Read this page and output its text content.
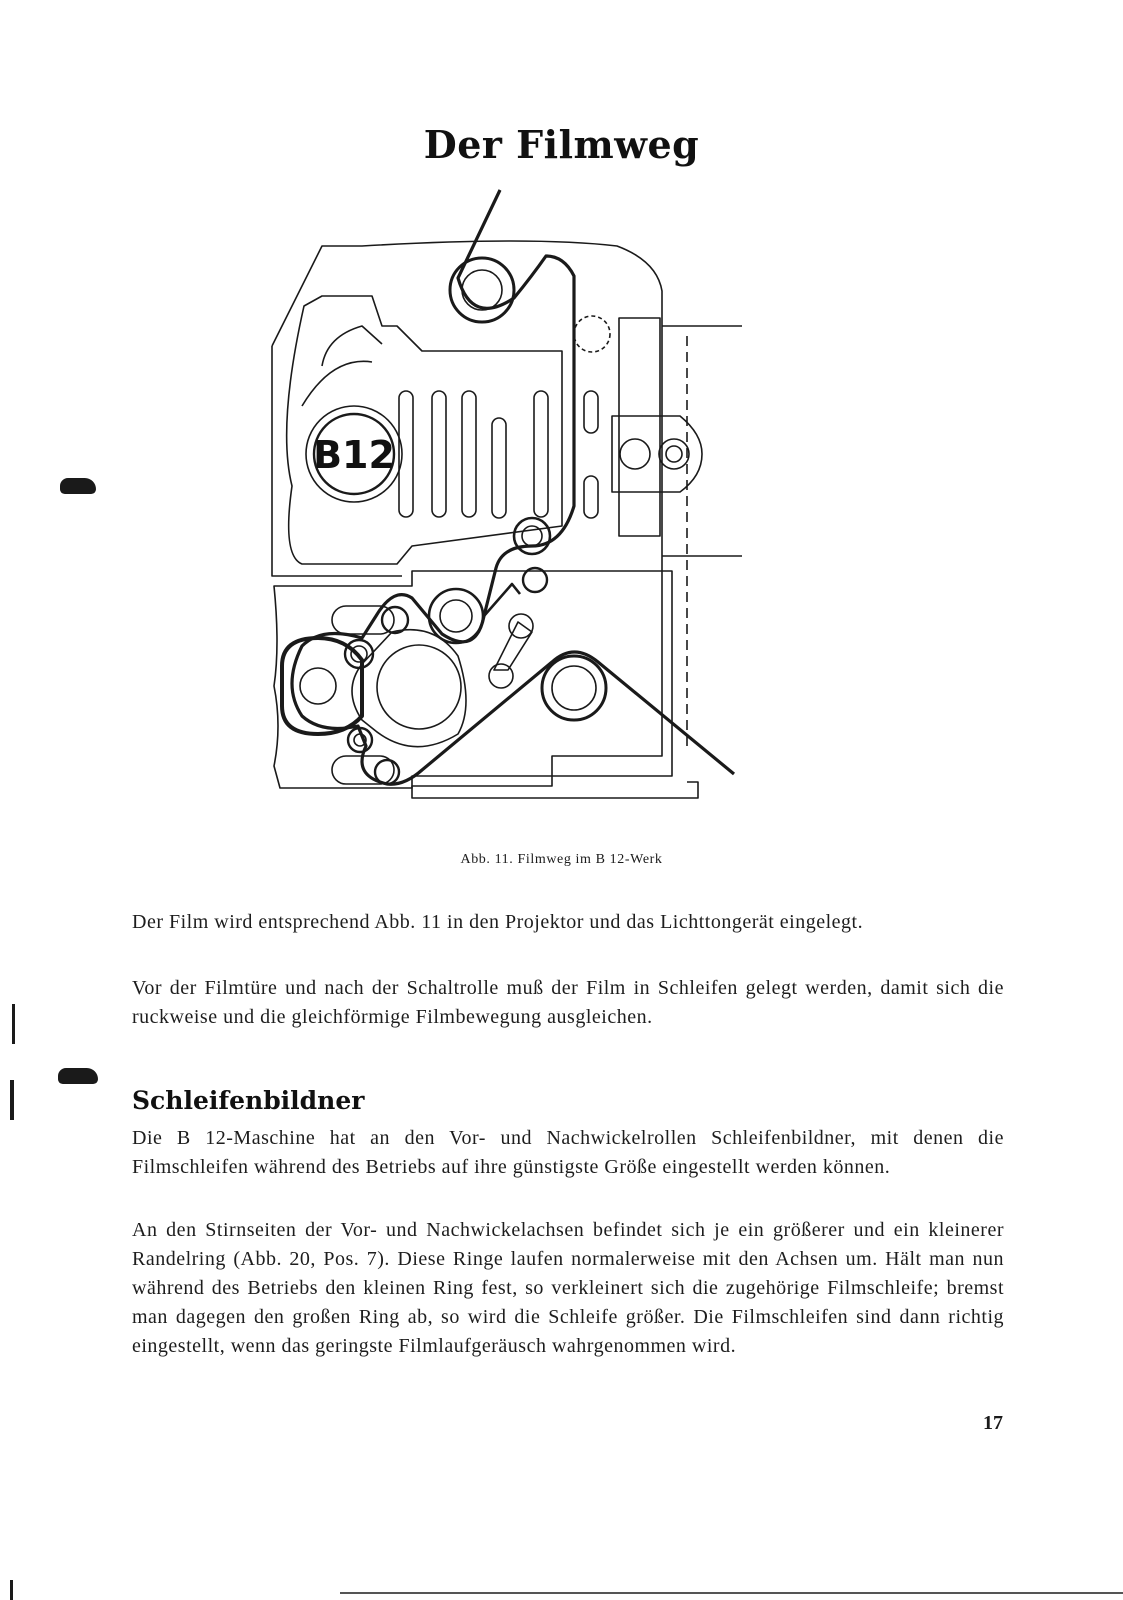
Der Filmweg
B12
Abb. 11. Filmweg im B 12-Werk

Der Film wird entsprechend Abb. 11 in den Projektor und das Lichttongerät eingelegt.

Vor der Filmtüre und nach der Schaltrolle muß der Film in Schleifen gelegt werden, damit sich die ruckweise und die gleichförmige Filmbewegung ausgleichen.

Schleifenbildner

Die B 12-Maschine hat an den Vor- und Nachwickelrollen Schleifenbildner, mit denen die Filmschleifen während des Betriebs auf ihre günstigste Größe eingestellt werden können.

An den Stirnseiten der Vor- und Nachwickelachsen befindet sich je ein größerer und ein kleinerer Randelring (Abb. 20, Pos. 7). Diese Ringe laufen normalerweise mit den Achsen um. Hält man nun während des Betriebs den kleinen Ring fest, so verkleinert sich die zugehörige Filmschleife; bremst man dagegen den großen Ring ab, so wird die Schleife größer. Die Filmschleifen sind dann richtig eingestellt, wenn das geringste Filmlaufgeräusch wahrgenommen wird.

17
